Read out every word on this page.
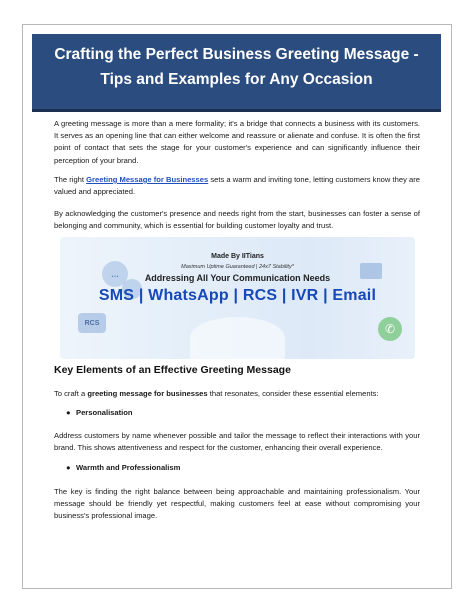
Crafting the Perfect Business Greeting Message - Tips and Examples for Any Occasion

A greeting message is more than a mere formality; it's a bridge that connects a business with its customers. It serves as an opening line that can either welcome and reassure or alienate and confuse. It is often the first point of contact that sets the stage for your customer's experience and can significantly influence their perception of your brand.

The right Greeting Message for Businesses sets a warm and inviting tone, letting customers know they are valued and appreciated.

By acknowledging the customer's presence and needs right from the start, businesses can foster a sense of belonging and community, which is essential for building customer loyalty and trust.

…
RCS	✆
Made By IITians
Maximum Uptime Guaranteed | 24x7 Stability*
Addressing All Your Communication Needs
SMS | WhatsApp | RCS | IVR | Email
Key Elements of an Effective Greeting Message

To craft a greeting message for businesses that resonates, consider these essential elements:

● Personalisation

Address customers by name whenever possible and tailor the message to reflect their interactions with your brand. This shows attentiveness and respect for the customer, enhancing their overall experience.

● Warmth and Professionalism

The key is finding the right balance between being approachable and maintaining professionalism. Your message should be friendly yet respectful, making customers feel at ease without compromising your business's professional image.
